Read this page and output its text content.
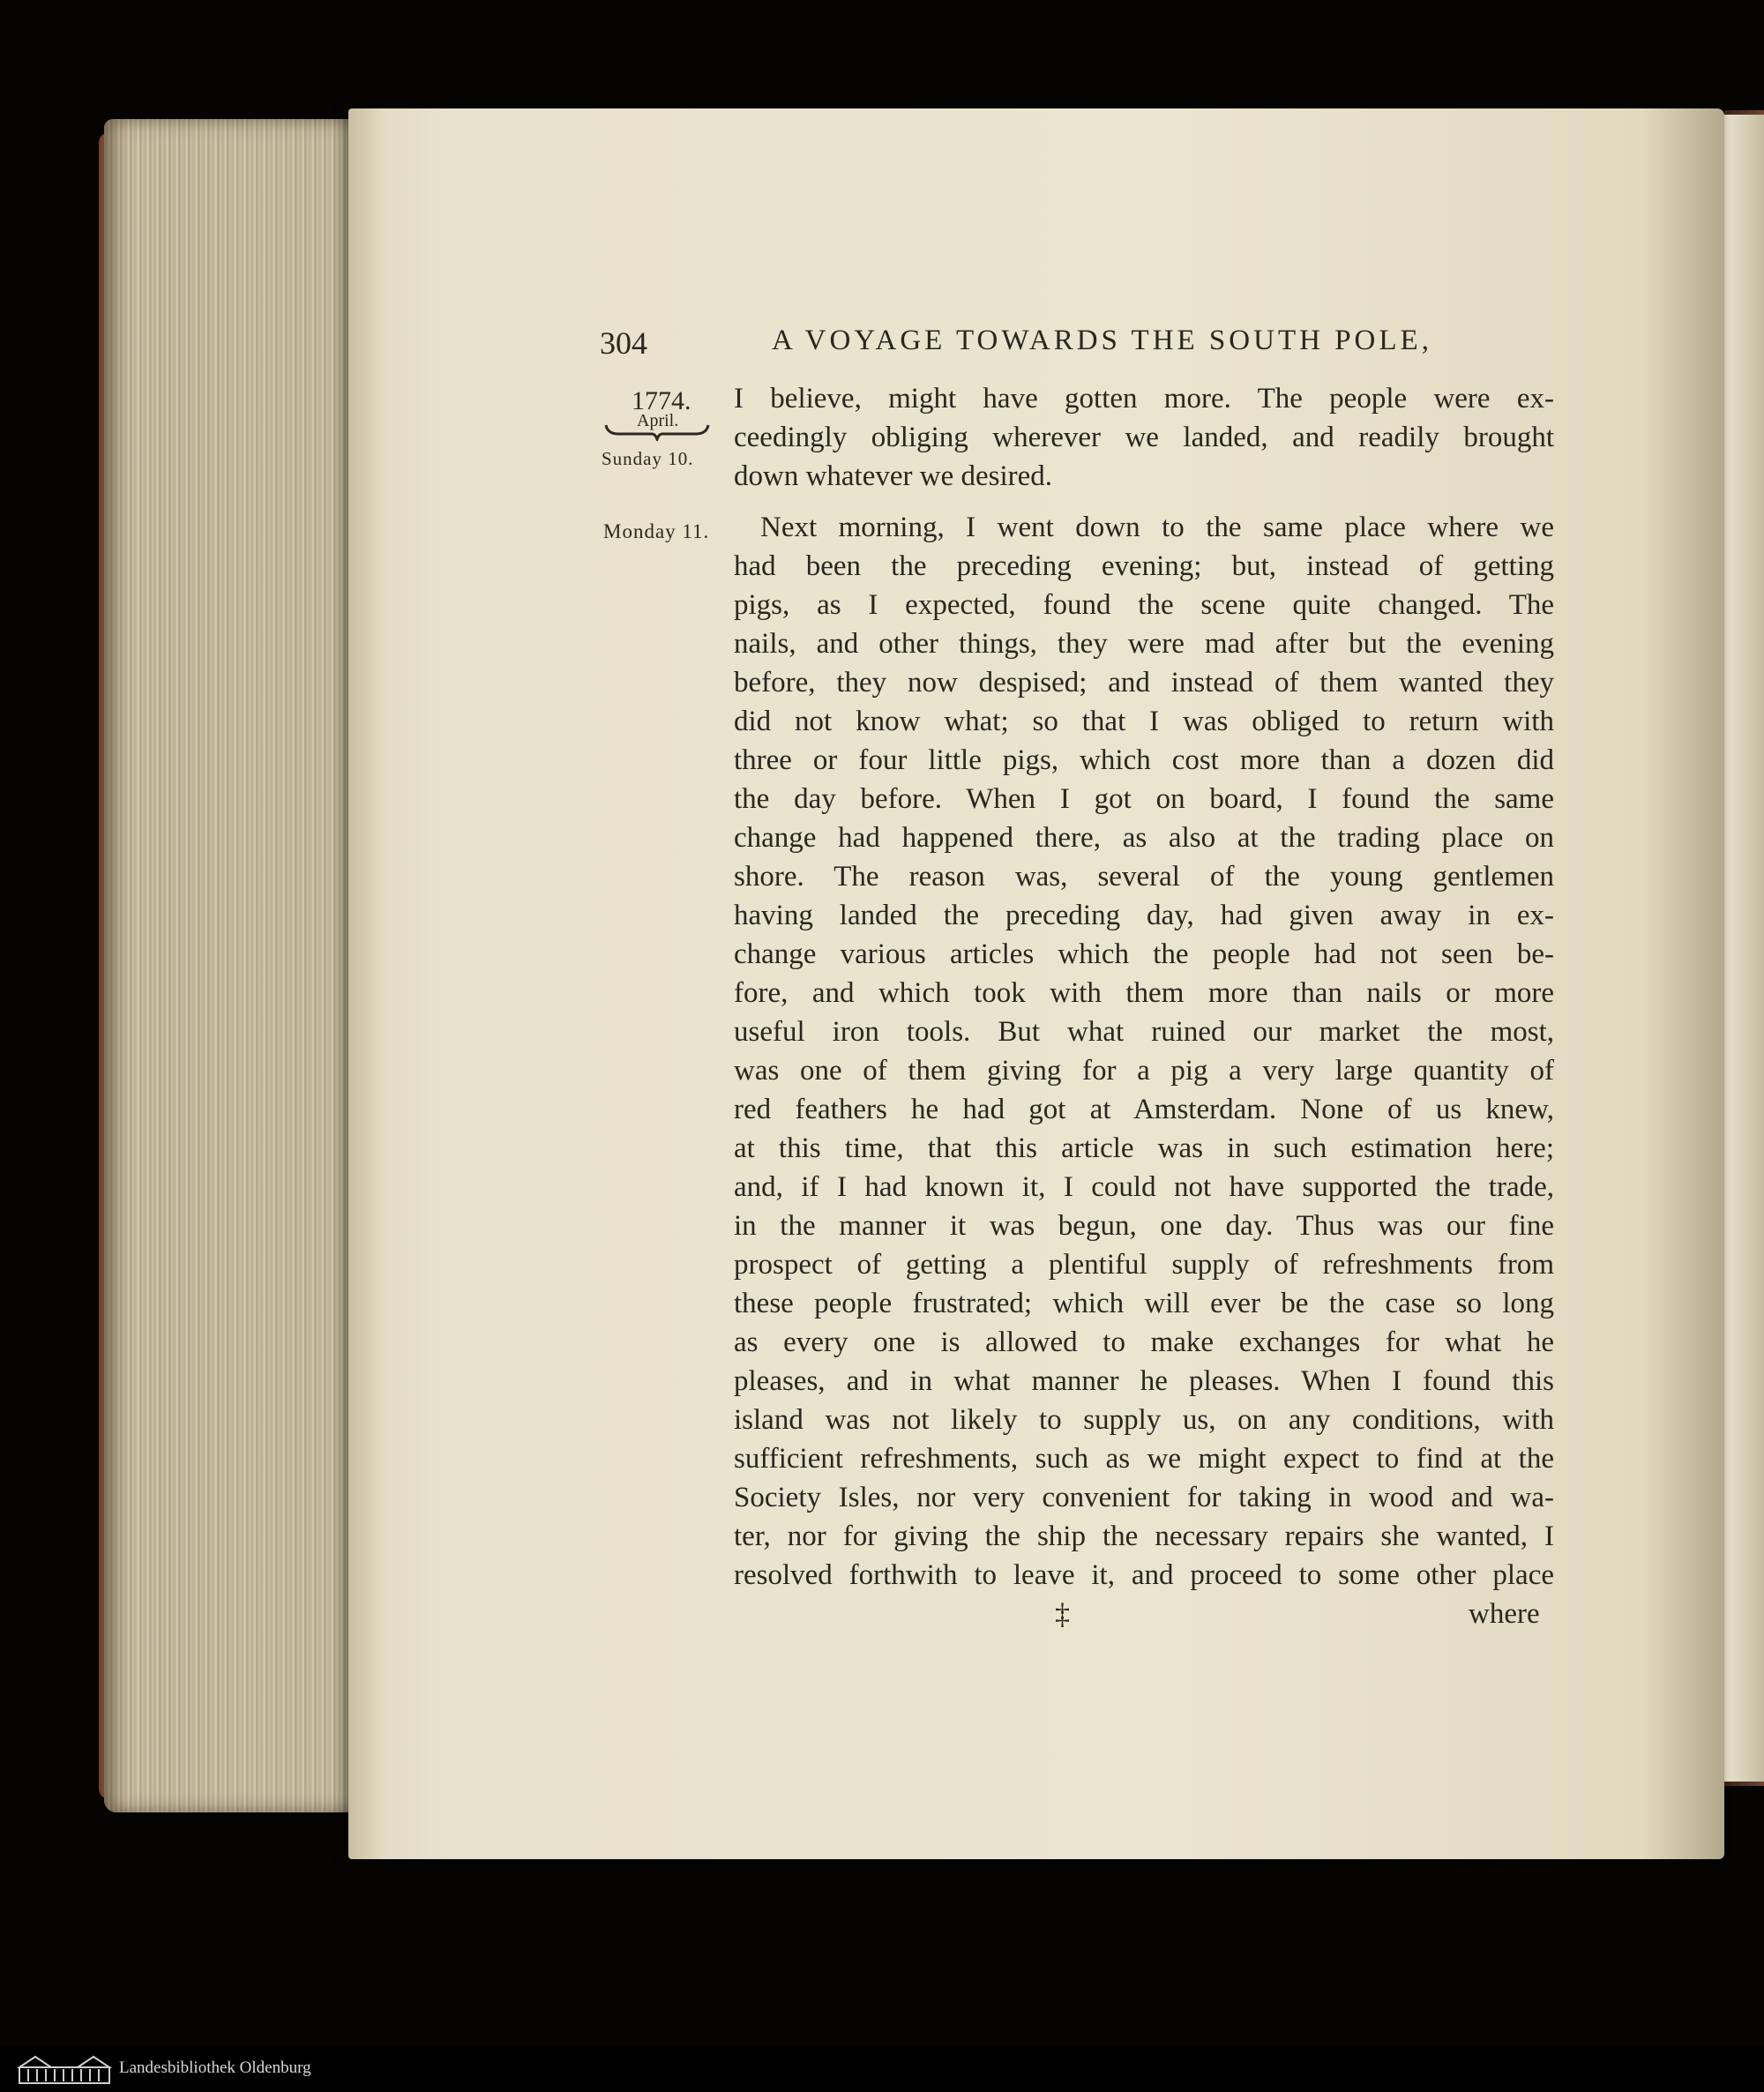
304	A VOYAGE TOWARDS THE SOUTH POLE,
1774.
April.
Sunday 10.
Monday 11.
I believe, might have gotten more. The people were ex-
ceedingly obliging wherever we landed, and readily brought
down whatever we desired.
Next morning, I went down to the same place where we
had been the preceding evening; but, instead of getting
pigs, as I expected, found the scene quite changed. The
nails, and other things, they were mad after but the evening
before, they now despised; and instead of them wanted they
did not know what; so that I was obliged to return with
three or four little pigs, which cost more than a dozen did
the day before. When I got on board, I found the same
change had happened there, as also at the trading place on
shore. The reason was, several of the young gentlemen
having landed the preceding day, had given away in ex-
change various articles which the people had not seen be-
fore, and which took with them more than nails or more
useful iron tools. But what ruined our market the most,
was one of them giving for a pig a very large quantity of
red feathers he had got at Amsterdam. None of us knew,
at this time, that this article was in such estimation here;
and, if I had known it, I could not have supported the trade,
in the manner it was begun, one day. Thus was our fine
prospect of getting a plentiful supply of refreshments from
these people frustrated; which will ever be the case so long
as every one is allowed to make exchanges for what he
pleases, and in what manner he pleases. When I found this
island was not likely to supply us, on any conditions, with
sufficient refreshments, such as we might expect to find at the
Society Isles, nor very convenient for taking in wood and wa-
ter, nor for giving the ship the necessary repairs she wanted, I
resolved forthwith to leave it, and proceed to some other place
‡	where
Landesbibliothek Oldenburg
